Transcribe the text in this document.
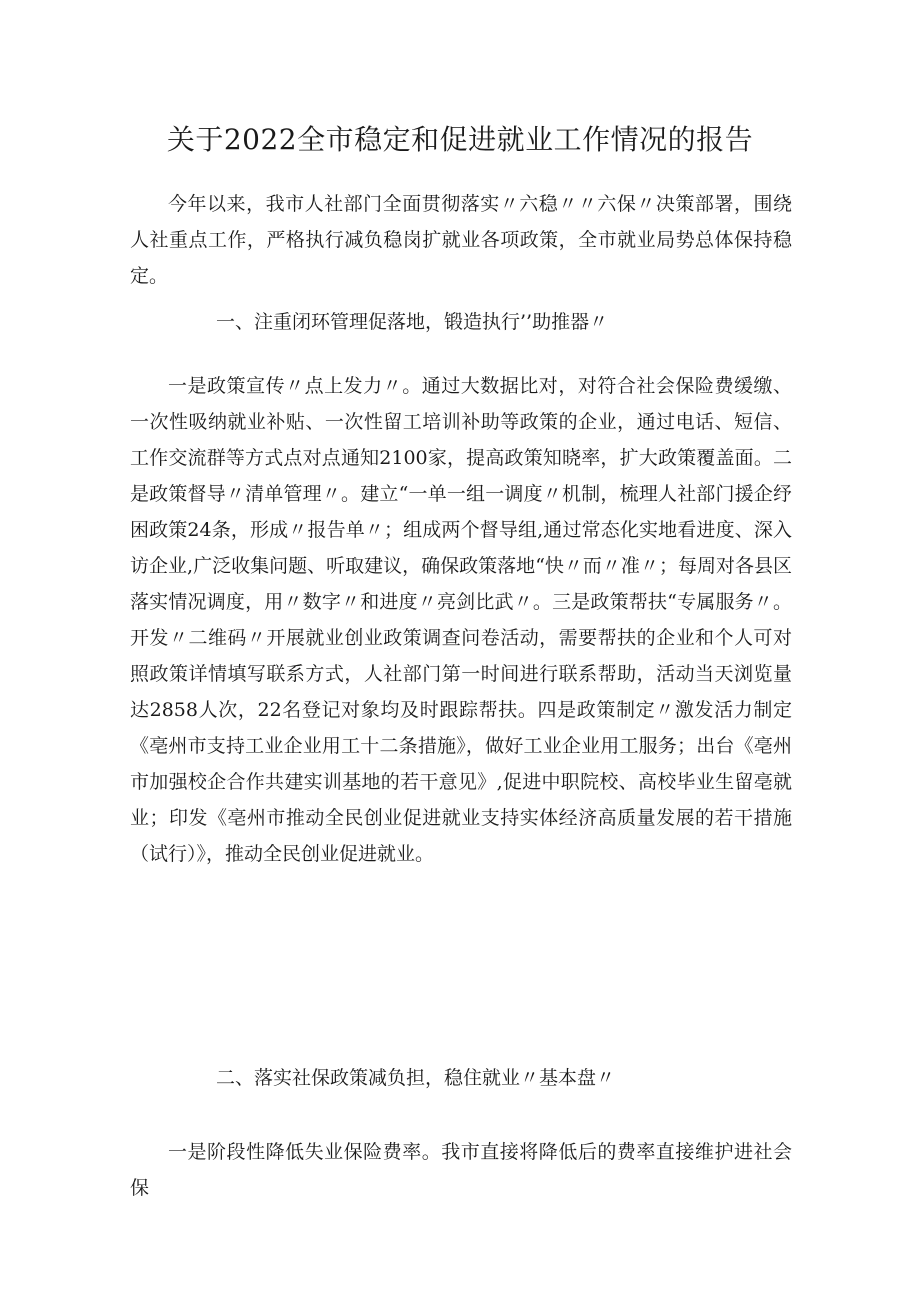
关于2022全市稳定和促进就业工作情况的报告

今年以来，我市人社部门全面贯彻落实〃六稳〃〃六保〃决策部署，围绕人社重点工作，严格执行减负稳岗扩就业各项政策，全市就业局势总体保持稳定。

一、注重闭环管理促落地，锻造执行’’助推器〃

一是政策宣传〃点上发力〃。通过大数据比对，对符合社会保险费缓缴、一次性吸纳就业补贴、一次性留工培训补助等政策的企业，通过电话、短信、工作交流群等方式点对点通知2100家，提高政策知晓率，扩大政策覆盖面。二是政策督导〃清单管理〃。建立“一单一组一调度〃机制，梳理人社部门援企纾困政策24条，形成〃报告单〃；组成两个督导组,通过常态化实地看进度、深入访企业,广泛收集问题、听取建议，确保政策落地“快〃而〃准〃；每周对各县区落实情况调度，用〃数字〃和进度〃亮剑比武〃。三是政策帮扶“专属服务〃。开发〃二维码〃开展就业创业政策调查问卷活动，需要帮扶的企业和个人可对照政策详情填写联系方式，人社部门第一时间进行联系帮助，活动当天浏览量达2858人次，22名登记对象均及时跟踪帮扶。四是政策制定〃激发活力制定《亳州市支持工业企业用工十二条措施》，做好工业企业用工服务；出台《亳州市加强校企合作共建实训基地的若干意见》,促进中职院校、高校毕业生留亳就业；印发《亳州市推动全民创业促进就业支持实体经济高质量发展的若干措施（试行）》，推动全民创业促进就业。

二、落实社保政策减负担，稳住就业〃基本盘〃

一是阶段性降低失业保险费率。我市直接将降低后的费率直接维护进社会保
